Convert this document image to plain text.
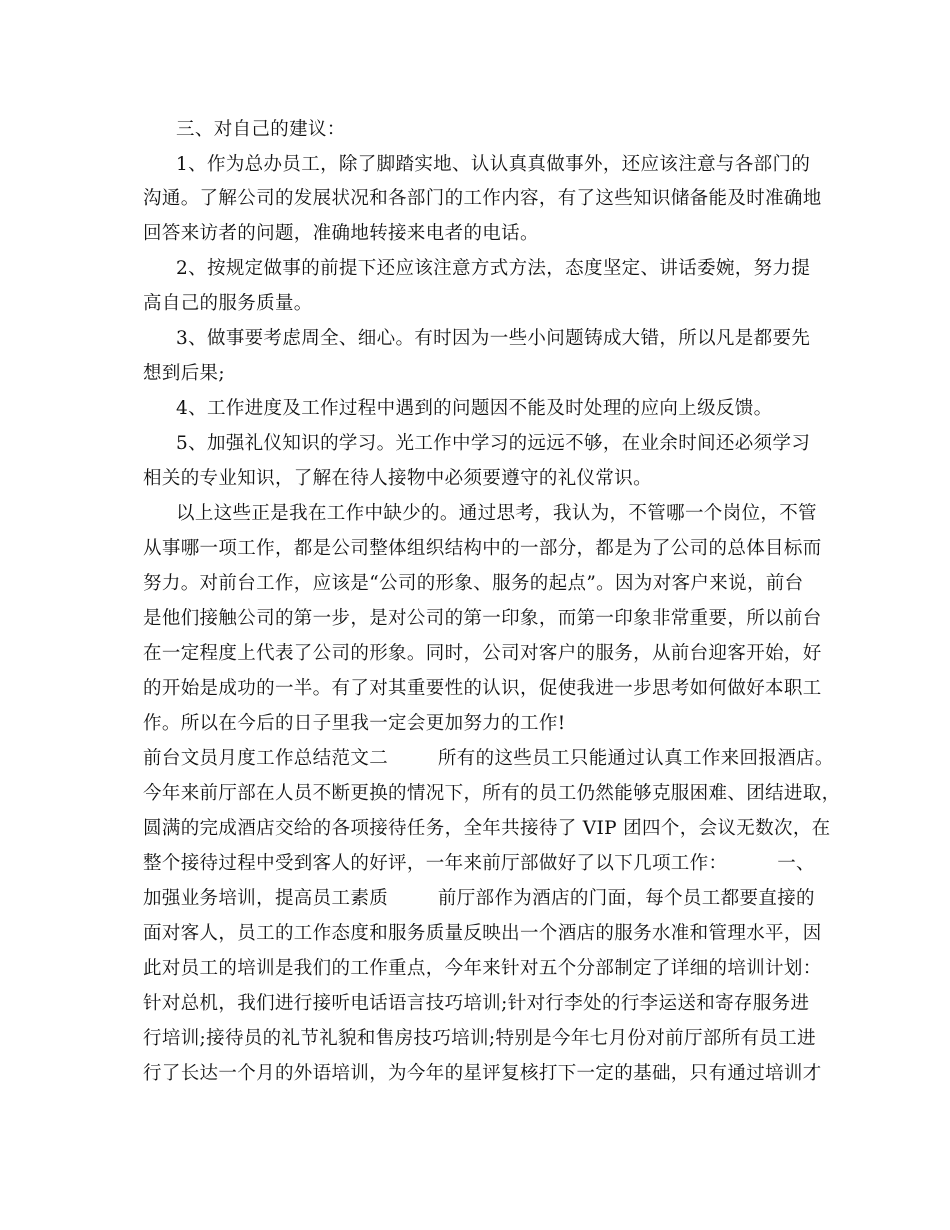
三、对自己的建议：
1、作为总办员工，除了脚踏实地、认认真真做事外，还应该注意与各部门的
沟通。了解公司的发展状况和各部门的工作内容，有了这些知识储备能及时准确地
回答来访者的问题，准确地转接来电者的电话。
2、按规定做事的前提下还应该注意方式方法，态度坚定、讲话委婉，努力提
高自己的服务质量。
3、做事要考虑周全、细心。有时因为一些小问题铸成大错，所以凡是都要先
想到后果;
4、工作进度及工作过程中遇到的问题因不能及时处理的应向上级反馈。
5、加强礼仪知识的学习。光工作中学习的远远不够，在业余时间还必须学习
相关的专业知识，了解在待人接物中必须要遵守的礼仪常识。
以上这些正是我在工作中缺少的。通过思考，我认为，不管哪一个岗位，不管
从事哪一项工作，都是公司整体组织结构中的一部分，都是为了公司的总体目标而
努力。对前台工作，应该是“公司的形象、服务的起点”。因为对客户来说，前台
是他们接触公司的第一步，是对公司的第一印象，而第一印象非常重要，所以前台
在一定程度上代表了公司的形象。同时，公司对客户的服务，从前台迎客开始，好
的开始是成功的一半。有了对其重要性的认识，促使我进一步思考如何做好本职工
作。所以在今后的日子里我一定会更加努力的工作!
前台文员月度工作总结范文二        所有的这些员工只能通过认真工作来回报酒店。
今年来前厅部在人员不断更换的情况下，所有的员工仍然能够克服困难、团结进取，
圆满的完成酒店交给的各项接待任务，全年共接待了 VIP 团四个，会议无数次，在
整个接待过程中受到客人的好评，一年来前厅部做好了以下几项工作：        一、
加强业务培训，提高员工素质        前厅部作为酒店的门面，每个员工都要直接的
面对客人，员工的工作态度和服务质量反映出一个酒店的服务水准和管理水平，因
此对员工的培训是我们的工作重点，今年来针对五个分部制定了详细的培训计划：
针对总机，我们进行接听电话语言技巧培训;针对行李处的行李运送和寄存服务进
行培训;接待员的礼节礼貌和售房技巧培训;特别是今年七月份对前厅部所有员工进
行了长达一个月的外语培训，为今年的星评复核打下一定的基础，只有通过培训才
